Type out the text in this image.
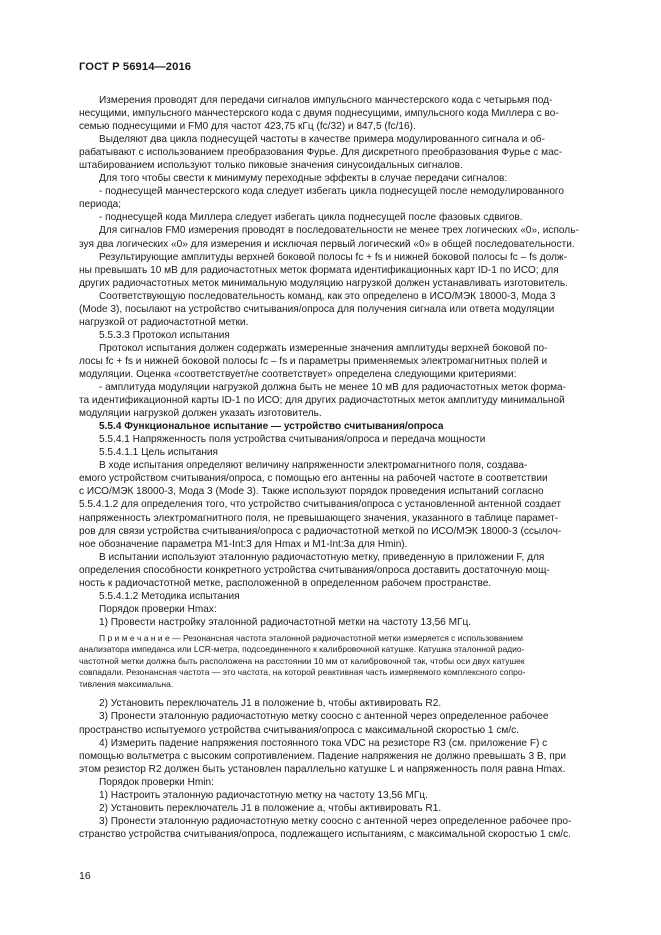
ГОСТ Р 56914—2016

Измерения проводят для передачи сигналов импульсного манчестерского кода с четырьмя под-

несущими, импульсного манчестерского кода с двумя поднесущими, импульсного кода Миллера с во-

семью поднесущими и FM0 для частот 423,75 кГц (fc/32) и 847,5 (fc/16).

Выделяют два цикла поднесущей частоты в качестве примера модулированного сигнала и об-

рабатывают с использованием преобразования Фурье. Для дискретного преобразования Фурье с мас-

штабированием используют только пиковые значения синусоидальных сигналов.

Для того чтобы свести к минимуму переходные эффекты в случае передачи сигналов:

- поднесущей манчестерского кода следует избегать цикла поднесущей после немодулированного

периода;

- поднесущей кода Миллера следует избегать цикла поднесущей после фазовых сдвигов.

Для сигналов FM0 измерения проводят в последовательности не менее трех логических «0», исполь-

зуя два логических «0» для измерения и исключая первый логический «0» в общей последовательности.

Результирующие амплитуды верхней боковой полосы fc + fs и нижней боковой полосы fc – fs долж-

ны превышать 10 мВ для радиочастотных меток формата идентификационных карт ID-1 по ИСО; для

других радиочастотных меток минимальную модуляцию нагрузкой должен устанавливать изготовитель.

Соответствующую последовательность команд, как это определено в ИСО/МЭК 18000-3, Мода 3

(Mode 3), посылают на устройство считывания/опроса для получения сигнала или ответа модуляции

нагрузкой от радиочастотной метки.

5.5.3.3 Протокол испытания

Протокол испытания должен содержать измеренные значения амплитуды верхней боковой по-

лосы fc + fs и нижней боковой полосы fc – fs и параметры применяемых электромагнитных полей и

модуляции. Оценка «соответствует/не соответствует» определена следующими критериями:

- амплитуда модуляции нагрузкой должна быть не менее 10 мВ для радиочастотных меток форма-

та идентификационной карты ID-1 по ИСО; для других радиочастотных меток амплитуду минимальной

модуляции нагрузкой должен указать изготовитель.

5.5.4 Функциональное испытание — устройство считывания/опроса

5.5.4.1 Напряженность поля устройства считывания/опроса и передача мощности

5.5.4.1.1 Цель испытания

В ходе испытания определяют величину напряженности электромагнитного поля, создава-

емого устройством считывания/опроса, с помощью его антенны на рабочей частоте в соответствии

с ИСО/МЭК 18000-3, Мода 3 (Mode 3). Также используют порядок проведения испытаний согласно

5.5.4.1.2 для определения того, что устройство считывания/опроса с установленной антенной создает

напряженность электромагнитного поля, не превышающего значения, указанного в таблице парамет-

ров для связи устройства считывания/опроса с радиочастотной меткой по ИСО/МЭК 18000-3 (ссылоч-

ное обозначение параметра M1-Int:3 для Hmax и M1-Int:3a для Hmin).

В испытании используют эталонную радиочастотную метку, приведенную в приложении F, для

определения способности конкретного устройства считывания/опроса доставить достаточную мощ-

ность к радиочастотной метке, расположенной в определенном рабочем пространстве.

5.5.4.1.2 Методика испытания

Порядок проверки Hmax:

1) Провести настройку эталонной радиочастотной метки на частоту 13,56 МГц.

П р и м е ч а н и е — Резонансная частота эталонной радиочастотной метки измеряется с использованием

анализатора импеданса или LCR-метра, подсоединенного к калибровочной катушке. Катушка эталонной радио-

частотной метки должна быть расположена на расстоянии 10 мм от калибровочной так, чтобы оси двух катушек

совпадали. Резонансная частота — это частота, на которой реактивная часть измеряемого комплексного сопро-

тивления максимальна.

2) Установить переключатель J1 в положение b, чтобы активировать R2.

3) Пронести эталонную радиочастотную метку соосно с антенной через определенное рабочее

пространство испытуемого устройства считывания/опроса с максимальной скоростью 1 см/с.

4) Измерить падение напряжения постоянного тока VDC на резисторе R3 (см. приложение F) с

помощью вольтметра с высоким сопротивлением. Падение напряжения не должно превышать 3 В, при

этом резистор R2 должен быть установлен параллельно катушке L и напряженность поля равна Hmax.

Порядок проверки Hmin:

1) Настроить эталонную радиочастотную метку на частоту 13,56 МГц.

2) Установить переключатель J1 в положение a, чтобы активировать R1.

3) Пронести эталонную радиочастотную метку соосно с антенной через определенное рабочее про-

странство устройства считывания/опроса, подлежащего испытаниям, с максимальной скоростью 1 см/с.

16
